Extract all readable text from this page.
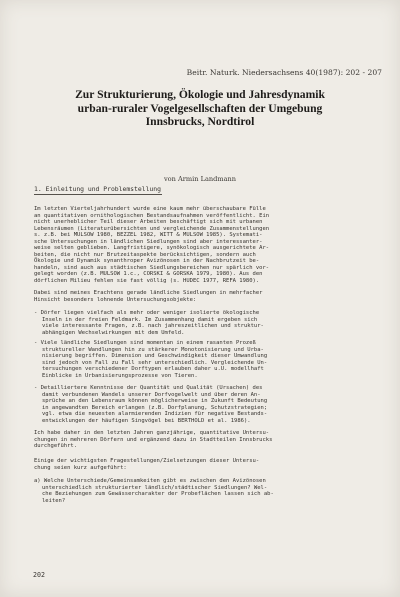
Beitr. Naturk. Niedersachsens 40(1987): 202 - 207
Zur Strukturierung, Ökologie und Jahresdynamik
urban-ruraler Vogelgesellschaften der Umgebung
Innsbrucks, Nordtirol
von Armin Landmann
1. Einleitung und Problemstellung
Im letzten Vierteljahrhundert wurde eine kaum mehr überschaubare Fülle
an quantitativen ornithologischen Bestandsaufnahmen veröffentlicht. Ein
nicht unerheblicher Teil dieser Arbeiten beschäftigt sich mit urbanen
Lebensräumen (Literaturübersichten und vergleichende Zusammenstellungen
s. z.B. bei MULSOW 1980, BEZZEL 1982, WITT & MULSOW 1985). Systemati-
sche Untersuchungen in ländlichen Siedlungen sind aber interessanter-
weise selten geblieben. Langfristigere, synökologisch ausgerichtete Ar-
beiten, die nicht nur Brutzeitaspekte berücksichtigen, sondern auch
Ökologie und Dynamik synanthroper Avizönosen in der Nachbrutzeit be-
handeln, sind auch aus städtischen Siedlungsbereichen nur spärlich vor-
gelegt worden (z.B. MULSOW 1.c., CORSKI & GORSKA 1979, 1980). Aus den
dörflichen Milieu fehlen sie fast völlig (s. HUDEC 1977, REFA 1980).
Dabei sind meines Erachtens gerade ländliche Siedlungen in mehrfacher
Hinsicht besonders lohnende Untersuchungsobjekte:
- Dörfer liegen vielfach als mehr oder weniger isolierte ökologische
Inseln in der freien Feldmark. Im Zusammenhang damit ergeben sich
viele interessante Fragen, z.B. nach jahreszeitlichen und struktur-
abhängigen Wechselwirkungen mit dem Umfeld.
- Viele ländliche Siedlungen sind momentan in einem rasanten Prozeß
struktureller Wandlungen hin zu stärkerer Monotonisierung und Urba-
nisierung begriffen. Dimension und Geschwindigkeit dieser Umwandlung
sind jedoch von Fall zu Fall sehr unterschiedlich. Vergleichende Un-
tersuchungen verschiedener Dorftypen erlauben daher u.U. modellhaft
Einblicke in Urbanisierungsprozesse von Tieren.
- Detailliertere Kenntnisse der Quantität und Qualität (Ursachen) des
damit verbundenen Wandels unserer Dorfvogelwelt und über deren An-
sprüche an den Lebensraum können möglicherweise in Zukunft Bedeutung
in angewandten Bereich erlangen (z.B. Dorfplanung, Schutzstrategien;
vgl. etwa die neuesten alarmierenden Indizien für negative Bestands-
entwicklungen der häufigen Singvögel bei BERTHOLD et al. 1986).
Ich habe daher in den letzten Jahren ganzjährige, quantitative Untersu-
chungen in mehreren Dörfern und ergänzend dazu in Stadtteilen Innsbrucks
durchgeführt.
Einige der wichtigsten Fragestellungen/Zielsetzungen dieser Untersu-
chung seien kurz aufgeführt:
a) Welche Unterschiede/Gemeinsamkeiten gibt es zwischen den Avizönosen
unterschiedlich strukturierter ländlich/städtischer Siedlungen? Wel-
che Beziehungen zum Gewässercharakter der Probeflächen lassen sich ab-
leiten?
202
